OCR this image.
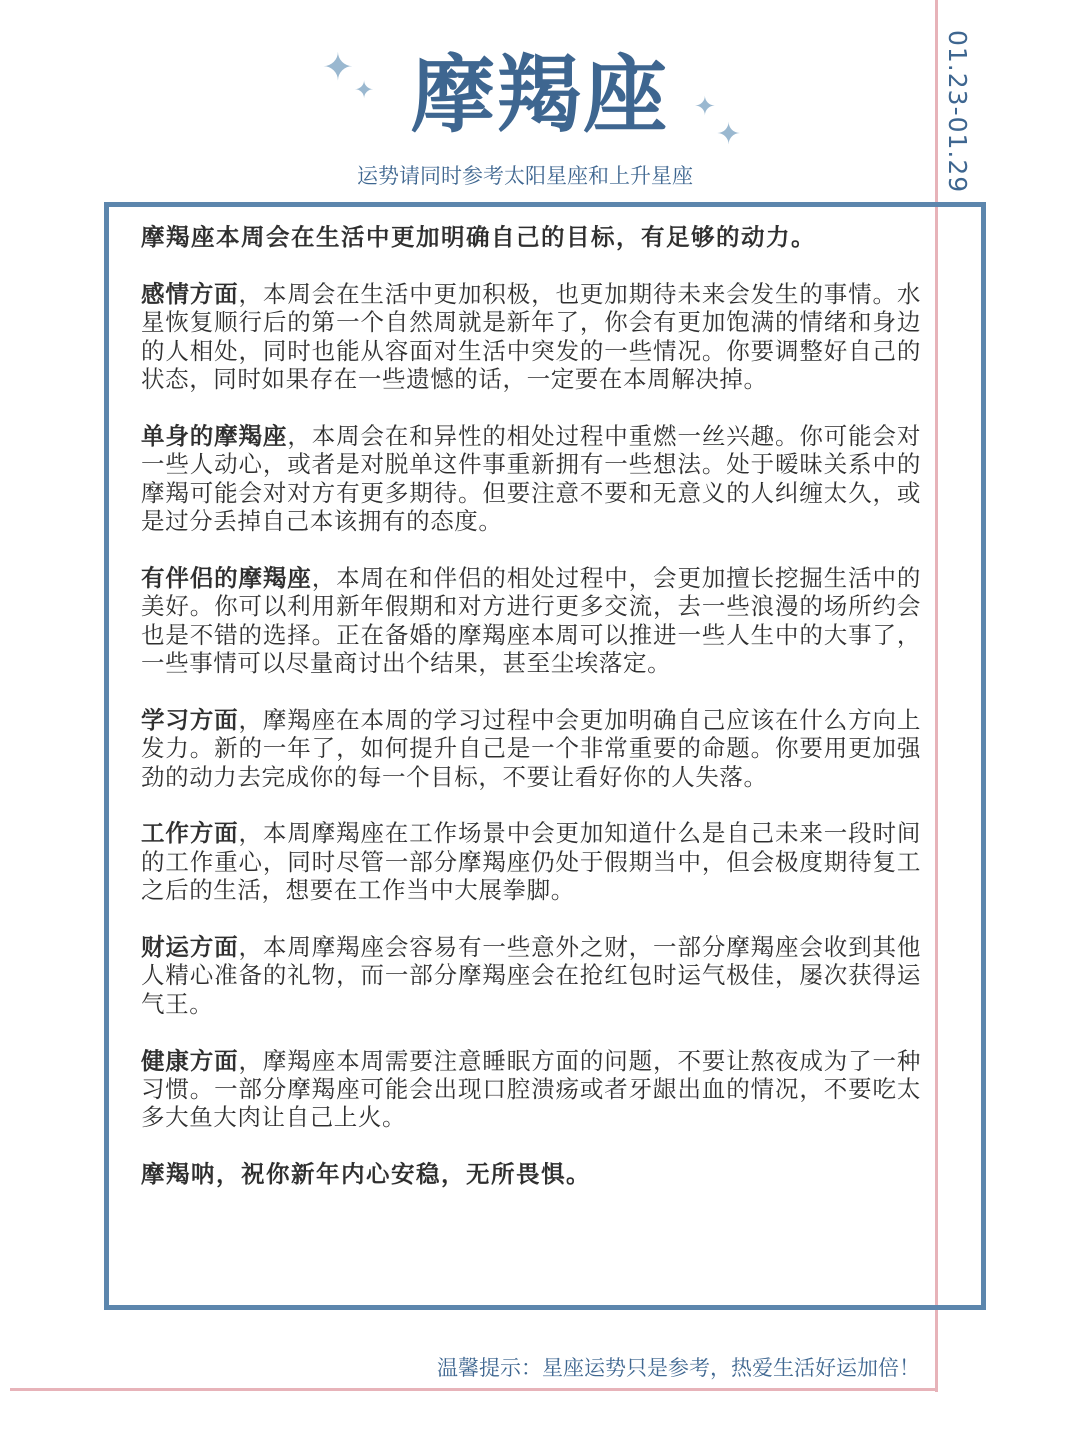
01.23-01.29
✦
✦
✦
✦
摩羯座
运势请同时参考太阳星座和上升星座

摩羯座本周会在生活中更加明确自己的目标，有足够的动力。

感情方面，本周会在生活中更加积极，也更加期待未来会发生的事情。水星恢复顺行后的第一个自然周就是新年了，你会有更加饱满的情绪和身边的人相处，同时也能从容面对生活中突发的一些情况。你要调整好自己的状态，同时如果存在一些遗憾的话，一定要在本周解决掉。

单身的摩羯座，本周会在和异性的相处过程中重燃一丝兴趣。你可能会对一些人动心，或者是对脱单这件事重新拥有一些想法。处于暧昧关系中的摩羯可能会对对方有更多期待。但要注意不要和无意义的人纠缠太久，或是过分丢掉自己本该拥有的态度。

有伴侣的摩羯座，本周在和伴侣的相处过程中，会更加擅长挖掘生活中的美好。你可以利用新年假期和对方进行更多交流，去一些浪漫的场所约会也是不错的选择。正在备婚的摩羯座本周可以推进一些人生中的大事了，一些事情可以尽量商讨出个结果，甚至尘埃落定。

学习方面，摩羯座在本周的学习过程中会更加明确自己应该在什么方向上发力。新的一年了，如何提升自己是一个非常重要的命题。你要用更加强劲的动力去完成你的每一个目标，不要让看好你的人失落。

工作方面，本周摩羯座在工作场景中会更加知道什么是自己未来一段时间的工作重心，同时尽管一部分摩羯座仍处于假期当中，但会极度期待复工之后的生活，想要在工作当中大展拳脚。

财运方面，本周摩羯座会容易有一些意外之财，一部分摩羯座会收到其他人精心准备的礼物，而一部分摩羯座会在抢红包时运气极佳，屡次获得运气王。

健康方面，摩羯座本周需要注意睡眠方面的问题，不要让熬夜成为了一种习惯。一部分摩羯座可能会出现口腔溃疡或者牙龈出血的情况，不要吃太多大鱼大肉让自己上火。

摩羯呐，祝你新年内心安稳，无所畏惧。

温馨提示：星座运势只是参考，热爱生活好运加倍！
